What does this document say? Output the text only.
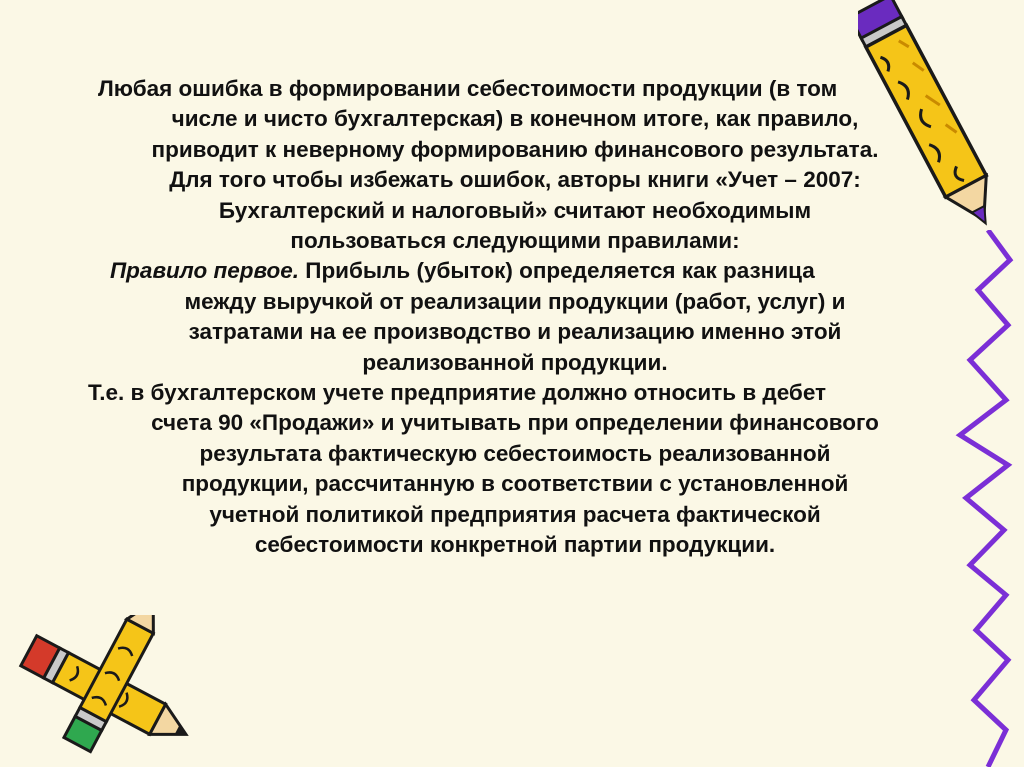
Любая ошибка в формировании себестоимости продукции (в том
числе и чисто бухгалтерская) в конечном итоге, как правило,
приводит к неверному формированию финансового результата.
Для того чтобы избежать ошибок, авторы книги «Учет – 2007:
Бухгалтерский и налоговый» считают необходимым
пользоваться следующими правилами:
Правило первое. Прибыль (убыток) определяется как разница
между выручкой от реализации продукции (работ, услуг) и
затратами на ее производство и реализацию именно этой
реализованной продукции.
Т.е. в бухгалтерском учете предприятие должно относить в дебет
счета 90 «Продажи» и учитывать при определении финансового
результата фактическую себестоимость реализованной
продукции, рассчитанную в соответствии с установленной
учетной политикой предприятия расчета фактической
себестоимости конкретной партии продукции.
